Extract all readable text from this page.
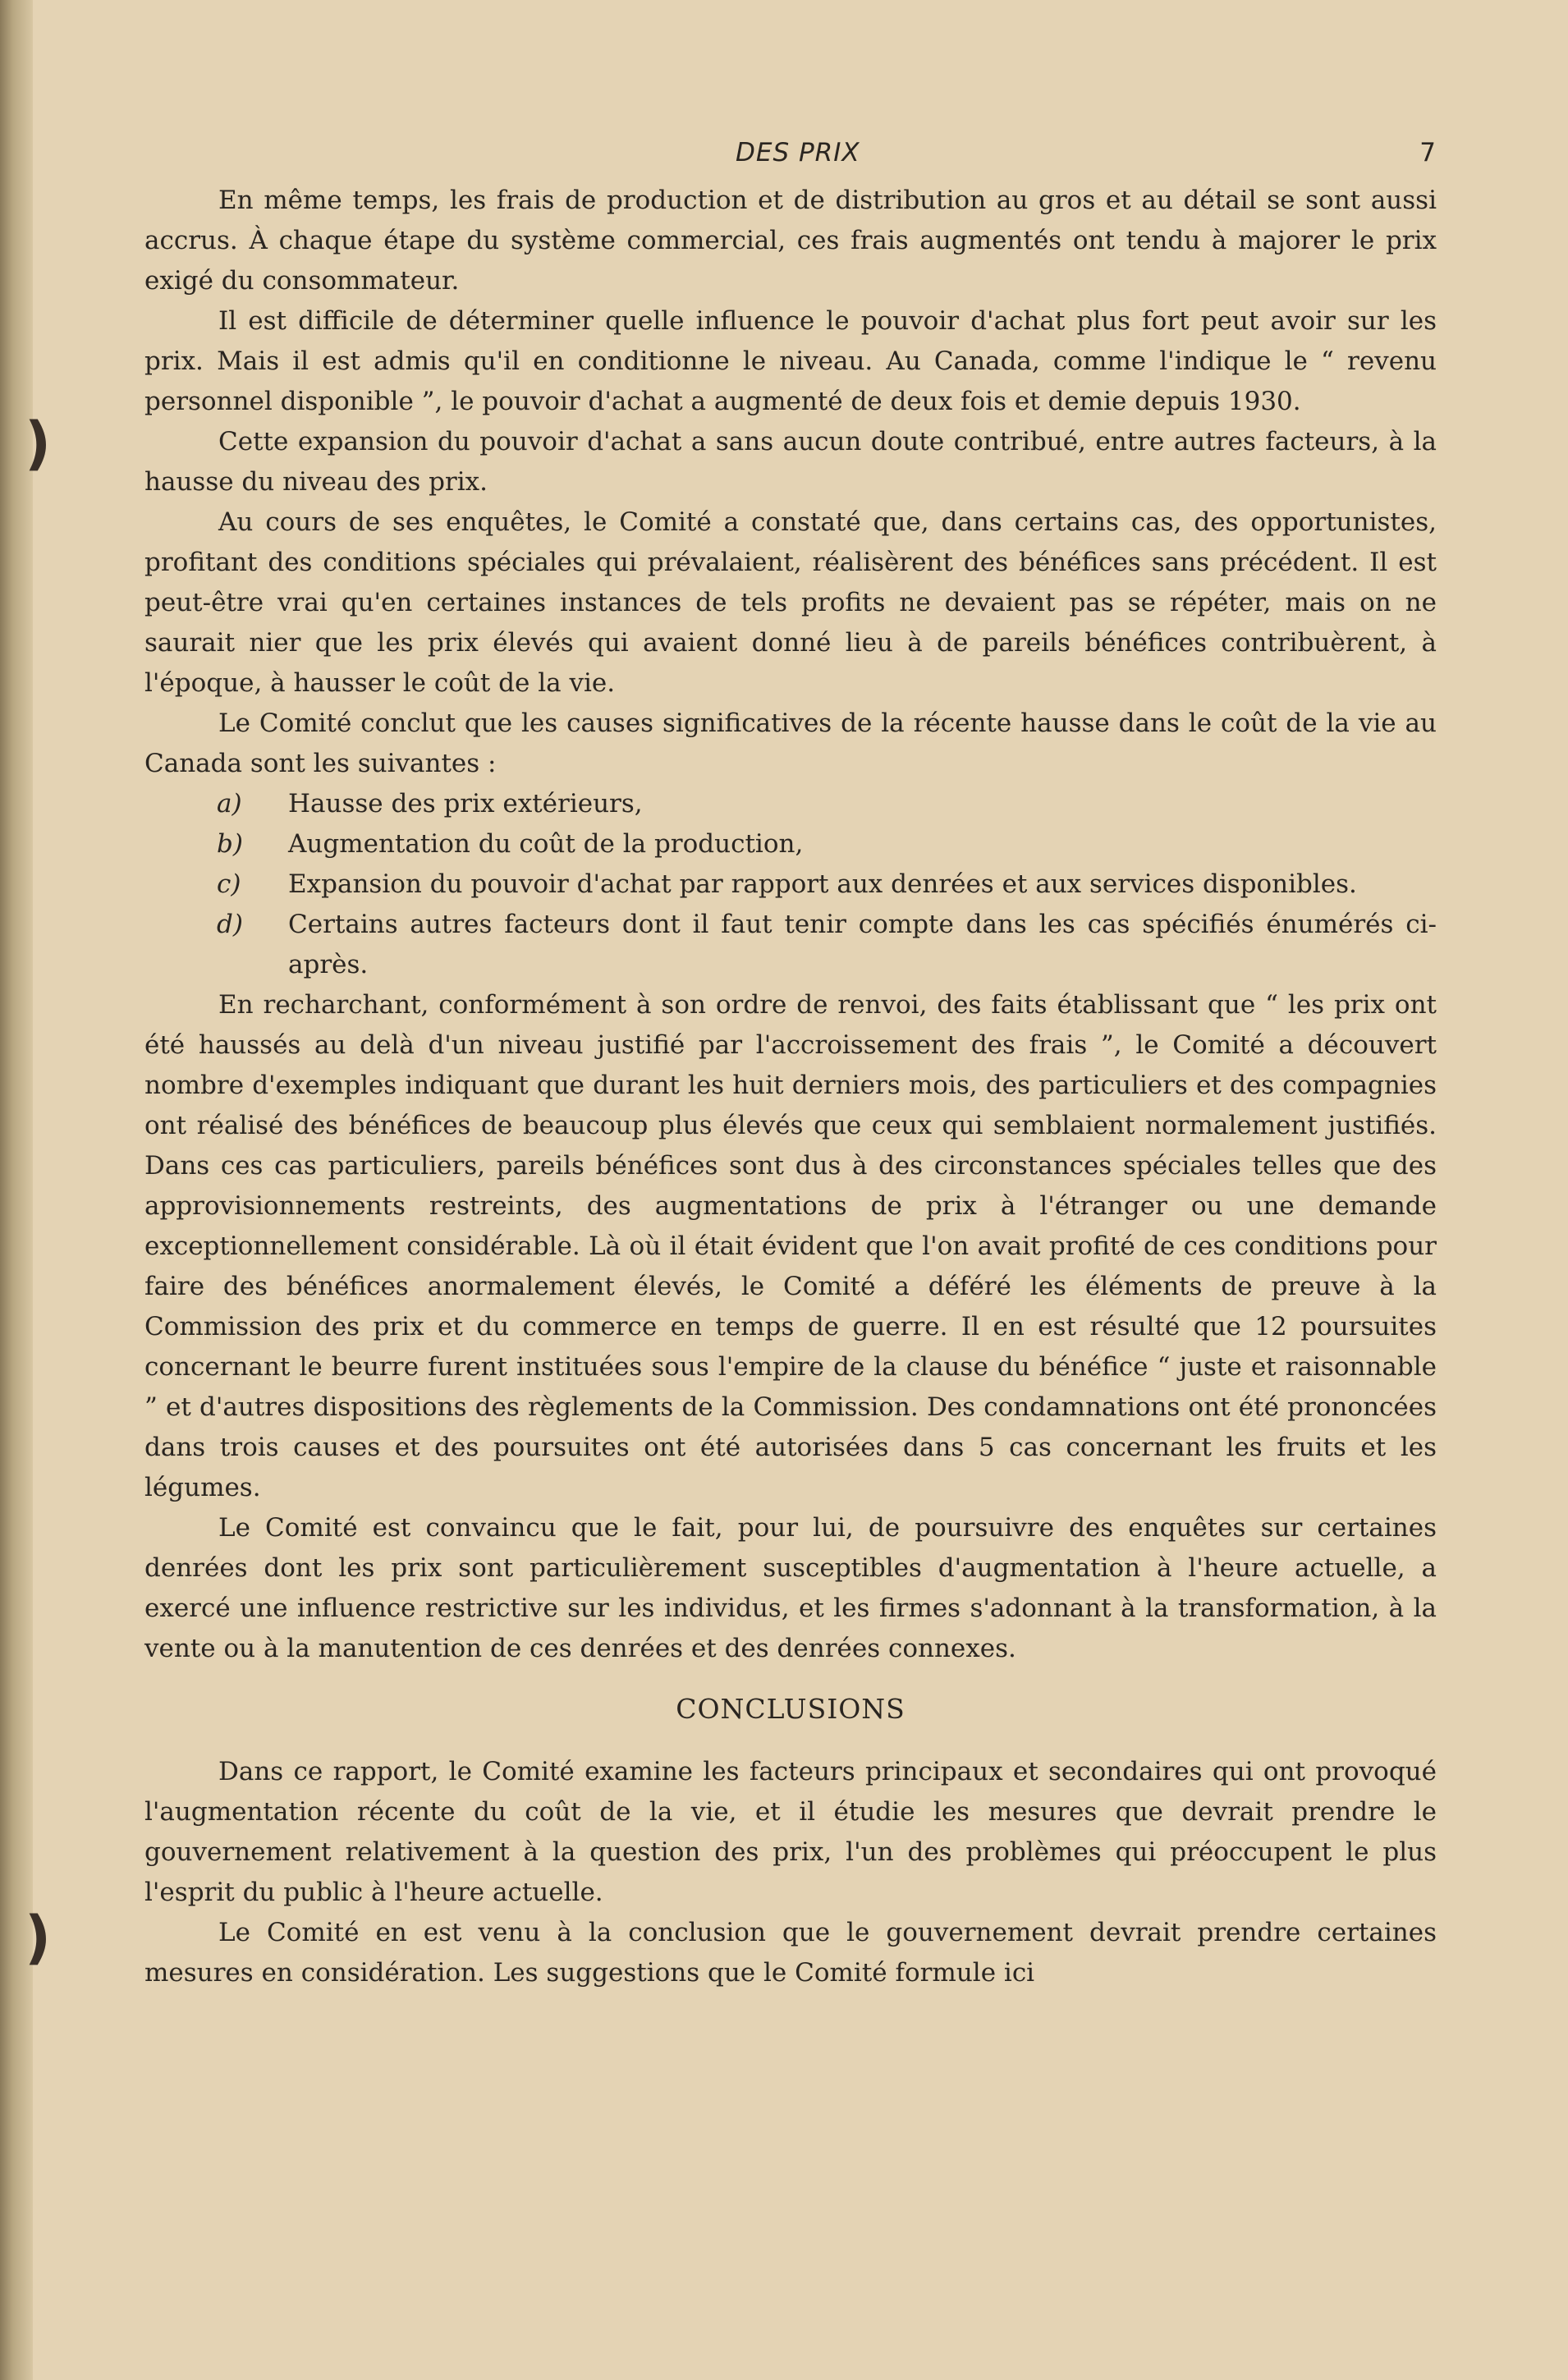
)
)
DES PRIX	7

En même temps, les frais de production et de distribution au gros et au détail se sont aussi accrus. À chaque étape du système commercial, ces frais augmentés ont tendu à majorer le prix exigé du consommateur.

Il est difficile de déterminer quelle influence le pouvoir d'achat plus fort peut avoir sur les prix. Mais il est admis qu'il en conditionne le niveau. Au Canada, comme l'indique le “ revenu personnel disponible ”, le pouvoir d'achat a augmenté de deux fois et demie depuis 1930.

Cette expansion du pouvoir d'achat a sans aucun doute contribué, entre autres facteurs, à la hausse du niveau des prix.

Au cours de ses enquêtes, le Comité a constaté que, dans certains cas, des opportunistes, profitant des conditions spéciales qui prévalaient, réalisèrent des bénéfices sans précédent. Il est peut-être vrai qu'en certaines instances de tels profits ne devaient pas se répéter, mais on ne saurait nier que les prix élevés qui avaient donné lieu à de pareils bénéfices contribuèrent, à l'époque, à hausser le coût de la vie.

Le Comité conclut que les causes significatives de la récente hausse dans le coût de la vie au Canada sont les suivantes :

a) Hausse des prix extérieurs,
b) Augmentation du coût de la production,
c) Expansion du pouvoir d'achat par rapport aux denrées et aux services disponibles.
d) Certains autres facteurs dont il faut tenir compte dans les cas spécifiés énumérés ci-après.

En recharchant, conformément à son ordre de renvoi, des faits établissant que “ les prix ont été haussés au delà d'un niveau justifié par l'accroissement des frais ”, le Comité a découvert nombre d'exemples indiquant que durant les huit derniers mois, des particuliers et des compagnies ont réalisé des bénéfices de beaucoup plus élevés que ceux qui semblaient normalement justifiés. Dans ces cas particuliers, pareils bénéfices sont dus à des circonstances spéciales telles que des approvisionnements restreints, des augmentations de prix à l'étranger ou une demande exceptionnellement considérable. Là où il était évident que l'on avait profité de ces conditions pour faire des bénéfices anormalement élevés, le Comité a déféré les éléments de preuve à la Commission des prix et du commerce en temps de guerre. Il en est résulté que 12 poursuites concernant le beurre furent instituées sous l'empire de la clause du bénéfice “ juste et raisonnable ” et d'autres dispositions des règlements de la Commission. Des condamnations ont été prononcées dans trois causes et des poursuites ont été autorisées dans 5 cas concernant les fruits et les légumes.

Le Comité est convaincu que le fait, pour lui, de poursuivre des enquêtes sur certaines denrées dont les prix sont particulièrement susceptibles d'augmentation à l'heure actuelle, a exercé une influence restrictive sur les individus, et les firmes s'adonnant à la transformation, à la vente ou à la manutention de ces denrées et des denrées connexes.

CONCLUSIONS

Dans ce rapport, le Comité examine les facteurs principaux et secondaires qui ont provoqué l'augmentation récente du coût de la vie, et il étudie les mesures que devrait prendre le gouvernement relativement à la question des prix, l'un des problèmes qui préoccupent le plus l'esprit du public à l'heure actuelle.

Le Comité en est venu à la conclusion que le gouvernement devrait prendre certaines mesures en considération. Les suggestions que le Comité formule ici
